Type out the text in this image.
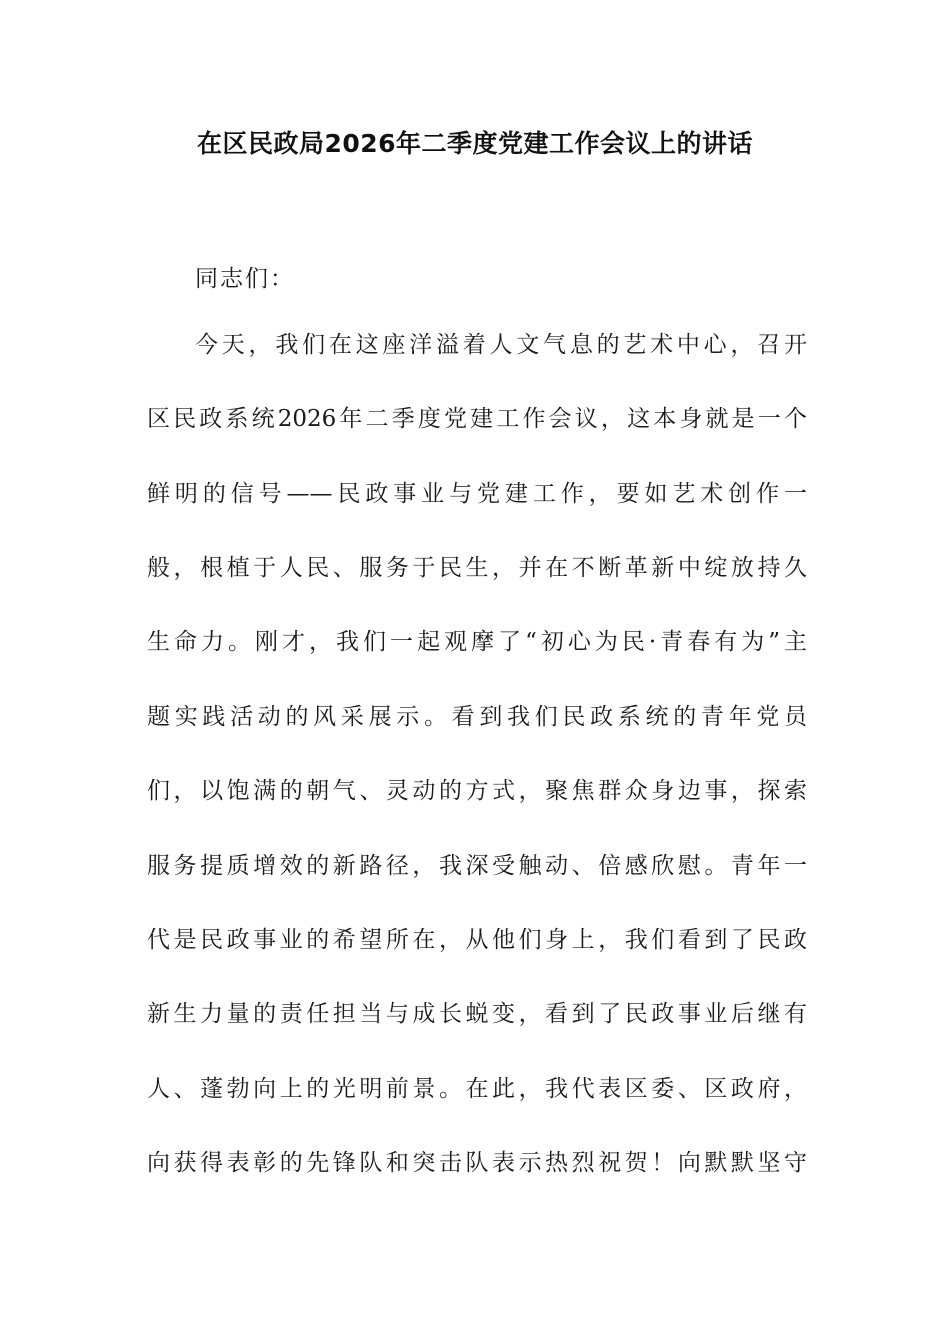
在区民政局2026年二季度党建工作会议上的讲话
同志们：
今天，我们在这座洋溢着人文气息的艺术中心，召开
区民政系统2026年二季度党建工作会议，这本身就是一个
鲜明的信号——民政事业与党建工作，要如艺术创作一
般，根植于人民、服务于民生，并在不断革新中绽放持久
生命力。刚才，我们一起观摩了“初心为民·青春有为”主
题实践活动的风采展示。看到我们民政系统的青年党员
们，以饱满的朝气、灵动的方式，聚焦群众身边事，探索
服务提质增效的新路径，我深受触动、倍感欣慰。青年一
代是民政事业的希望所在，从他们身上，我们看到了民政
新生力量的责任担当与成长蜕变，看到了民政事业后继有
人、蓬勃向上的光明前景。在此，我代表区委、区政府，
向获得表彰的先锋队和突击队表示热烈祝贺！向默默坚守
